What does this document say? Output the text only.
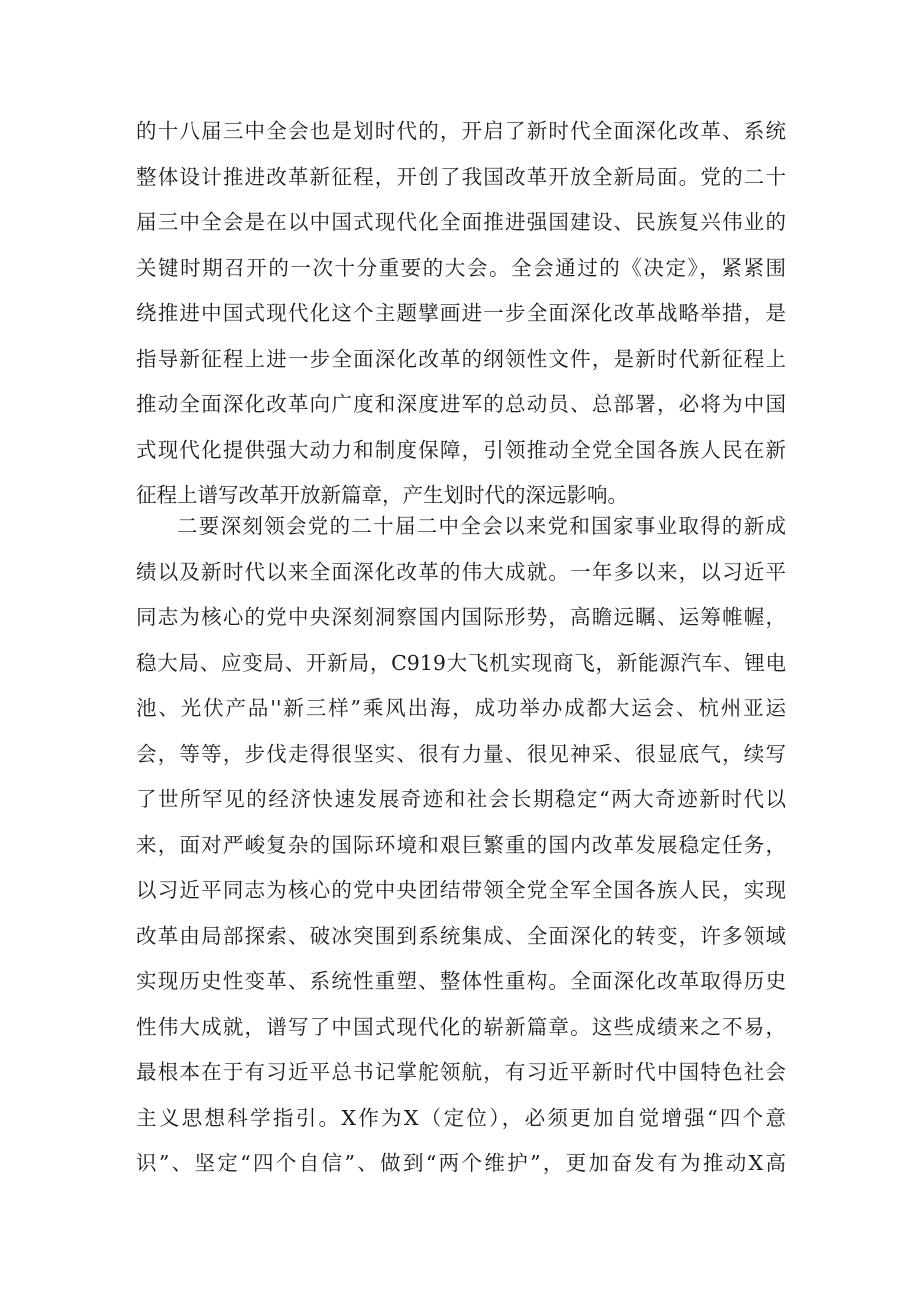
的十八届三中全会也是划时代的，开启了新时代全面深化改革、系统
整体设计推进改革新征程，开创了我国改革开放全新局面。党的二十
届三中全会是在以中国式现代化全面推进强国建设、民族复兴伟业的
关键时期召开的一次十分重要的大会。全会通过的《决定》，紧紧围
绕推进中国式现代化这个主题擘画进一步全面深化改革战略举措，是
指导新征程上进一步全面深化改革的纲领性文件，是新时代新征程上
推动全面深化改革向广度和深度进军的总动员、总部署，必将为中国
式现代化提供强大动力和制度保障，引领推动全党全国各族人民在新
征程上谱写改革开放新篇章，产生划时代的深远影响。
二要深刻领会党的二十届二中全会以来党和国家事业取得的新成
绩以及新时代以来全面深化改革的伟大成就。一年多以来，以习近平
同志为核心的党中央深刻洞察国内国际形势，高瞻远瞩、运筹帷幄，
稳大局、应变局、开新局，C919大飞机实现商飞，新能源汽车、锂电
池、光伏产品''新三样”乘风出海，成功举办成都大运会、杭州亚运
会，等等，步伐走得很坚实、很有力量、很见神采、很显底气，续写
了世所罕见的经济快速发展奇迹和社会长期稳定“两大奇迹新时代以
来，面对严峻复杂的国际环境和艰巨繁重的国内改革发展稳定任务，
以习近平同志为核心的党中央团结带领全党全军全国各族人民，实现
改革由局部探索、破冰突围到系统集成、全面深化的转变，许多领域
实现历史性变革、系统性重塑、整体性重构。全面深化改革取得历史
性伟大成就，谱写了中国式现代化的崭新篇章。这些成绩来之不易，
最根本在于有习近平总书记掌舵领航，有习近平新时代中国特色社会
主义思想科学指引。X作为X（定位），必须更加自觉增强“四个意
识”、坚定“四个自信”、做到“两个维护”，更加奋发有为推动X高
